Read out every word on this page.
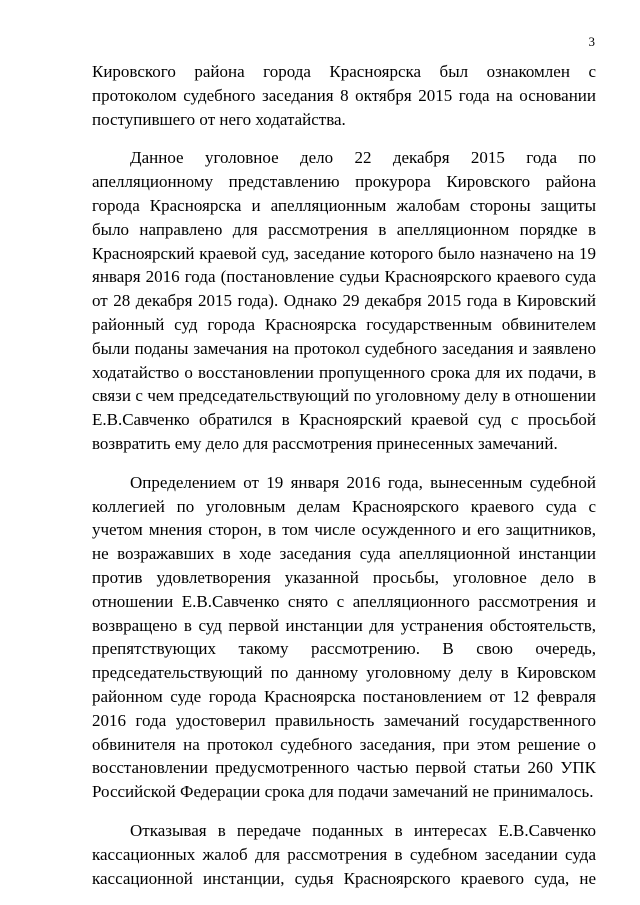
3

Кировского района города Красноярска был ознакомлен с протоколом судебного заседания 8 октября 2015 года на основании поступившего от него ходатайства.

Данное уголовное дело 22 декабря 2015 года по апелляционному представлению прокурора Кировского района города Красноярска и апелляционным жалобам стороны защиты было направлено для рассмотрения в апелляционном порядке в Красноярский краевой суд, заседание которого было назначено на 19 января 2016 года (постановление судьи Красноярского краевого суда от 28 декабря 2015 года). Однако 29 декабря 2015 года в Кировский районный суд города Красноярска государственным обвинителем были поданы замечания на протокол судебного заседания и заявлено ходатайство о восстановлении пропущенного срока для их подачи, в связи с чем председательствующий по уголовному делу в отношении Е.В.Савченко обратился в Красноярский краевой суд с просьбой возвратить ему дело для рассмотрения принесенных замечаний.

Определением от 19 января 2016 года, вынесенным судебной коллегией по уголовным делам Красноярского краевого суда с учетом мнения сторон, в том числе осужденного и его защитников, не возражавших в ходе заседания суда апелляционной инстанции против удовлетворения указанной просьбы, уголовное дело в отношении Е.В.Савченко снято с апелляционного рассмотрения и возвращено в суд первой инстанции для устранения обстоятельств, препятствующих такому рассмотрению. В свою очередь, председательствующий по данному уголовному делу в Кировском районном суде города Красноярска постановлением от 12 февраля 2016 года удостоверил правильность замечаний государственного обвинителя на протокол судебного заседания, при этом решение о восстановлении предусмотренного частью первой статьи 260 УПК Российской Федерации срока для подачи замечаний не принималось.

Отказывая в передаче поданных в интересах Е.В.Савченко кассационных жалоб для рассмотрения в судебном заседании суда кассационной инстанции, судья Красноярского краевого суда, не
